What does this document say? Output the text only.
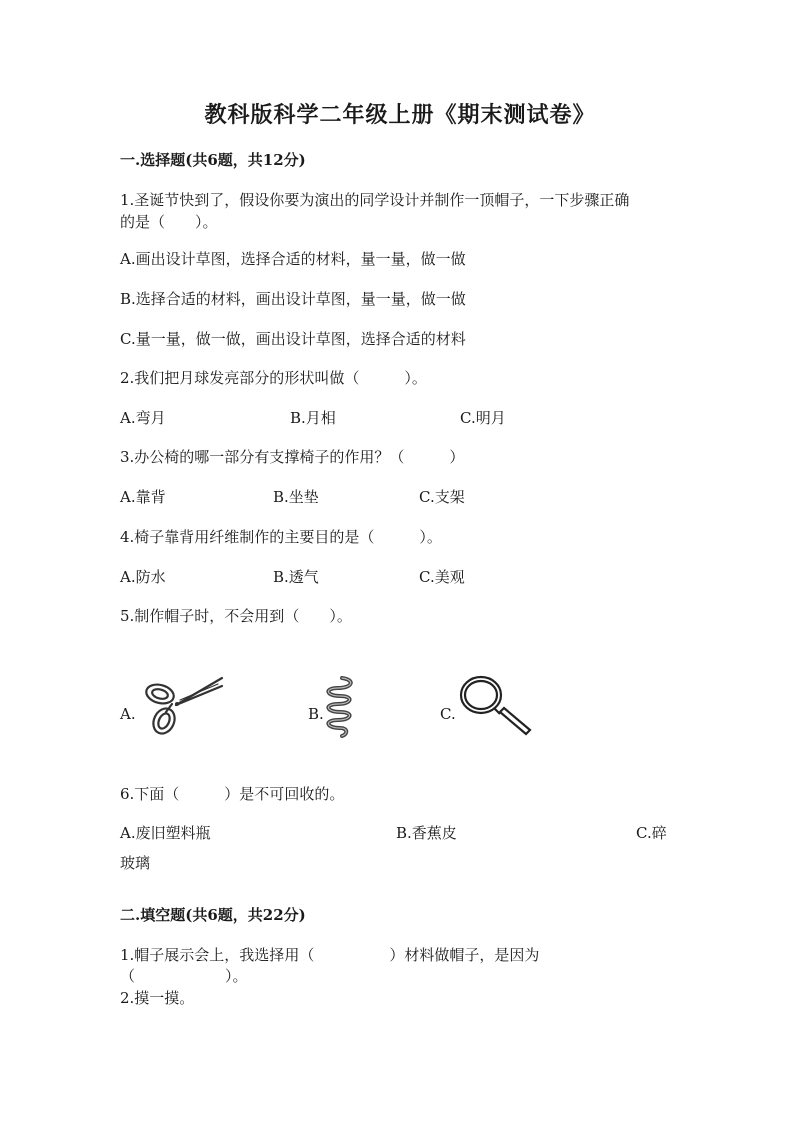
教科版科学二年级上册《期末测试卷》
一.选择题(共6题，共12分)
1.圣诞节快到了，假设你要为演出的同学设计并制作一顶帽子，一下步骤正确
的是（　　）。
A.画出设计草图，选择合适的材料，量一量，做一做
B.选择合适的材料，画出设计草图，量一量，做一做
C.量一量，做一做，画出设计草图，选择合适的材料
2.我们把月球发亮部分的形状叫做（　　　）。
A.弯月	B.月相	C.明月
3.办公椅的哪一部分有支撑椅子的作用？（　　　）
A.靠背	B.坐垫	C.支架
4.椅子靠背用纤维制作的主要目的是（　　　）。
A.防水	B.透气	C.美观
5.制作帽子时，不会用到（　　）。
A.	B.	C.
6.下面（　　　）是不可回收的。
A.废旧塑料瓶	B.香蕉皮	C.碎
玻璃
二.填空题(共6题，共22分)
1.帽子展示会上，我选择用（　　　　　）材料做帽子，是因为
（　　　　　　）。
2.摸一摸。
